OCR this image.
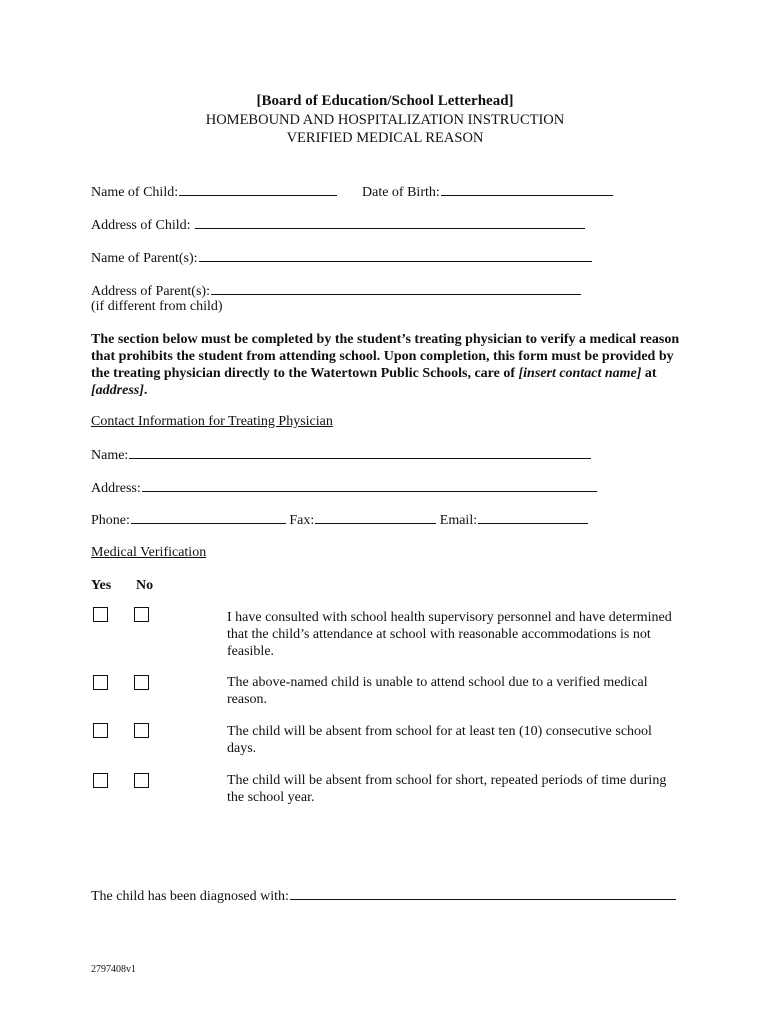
[Board of Education/School Letterhead]
HOMEBOUND AND HOSPITALIZATION INSTRUCTION
VERIFIED MEDICAL REASON
Name of Child:	Date of Birth:
Address of Child:
Name of Parent(s):
Address of Parent(s):
(if different from child)
The section below must be completed by the student’s treating physician to verify a medical reason that prohibits the student from attending school. Upon completion, this form must be provided by the treating physician directly to the Watertown Public Schools, care of [insert contact name] at [address].
Contact Information for Treating Physician
Name:
Address:
Phone:	Fax:	Email:
Medical Verification
Yes No
I have consulted with school health supervisory personnel and have determined that the child’s attendance at school with reasonable accommodations is not feasible.
The above-named child is unable to attend school due to a verified medical reason.
The child will be absent from school for at least ten (10) consecutive school days.
The child will be absent from school for short, repeated periods of time during the school year.
The child has been diagnosed with:
2797408v1
